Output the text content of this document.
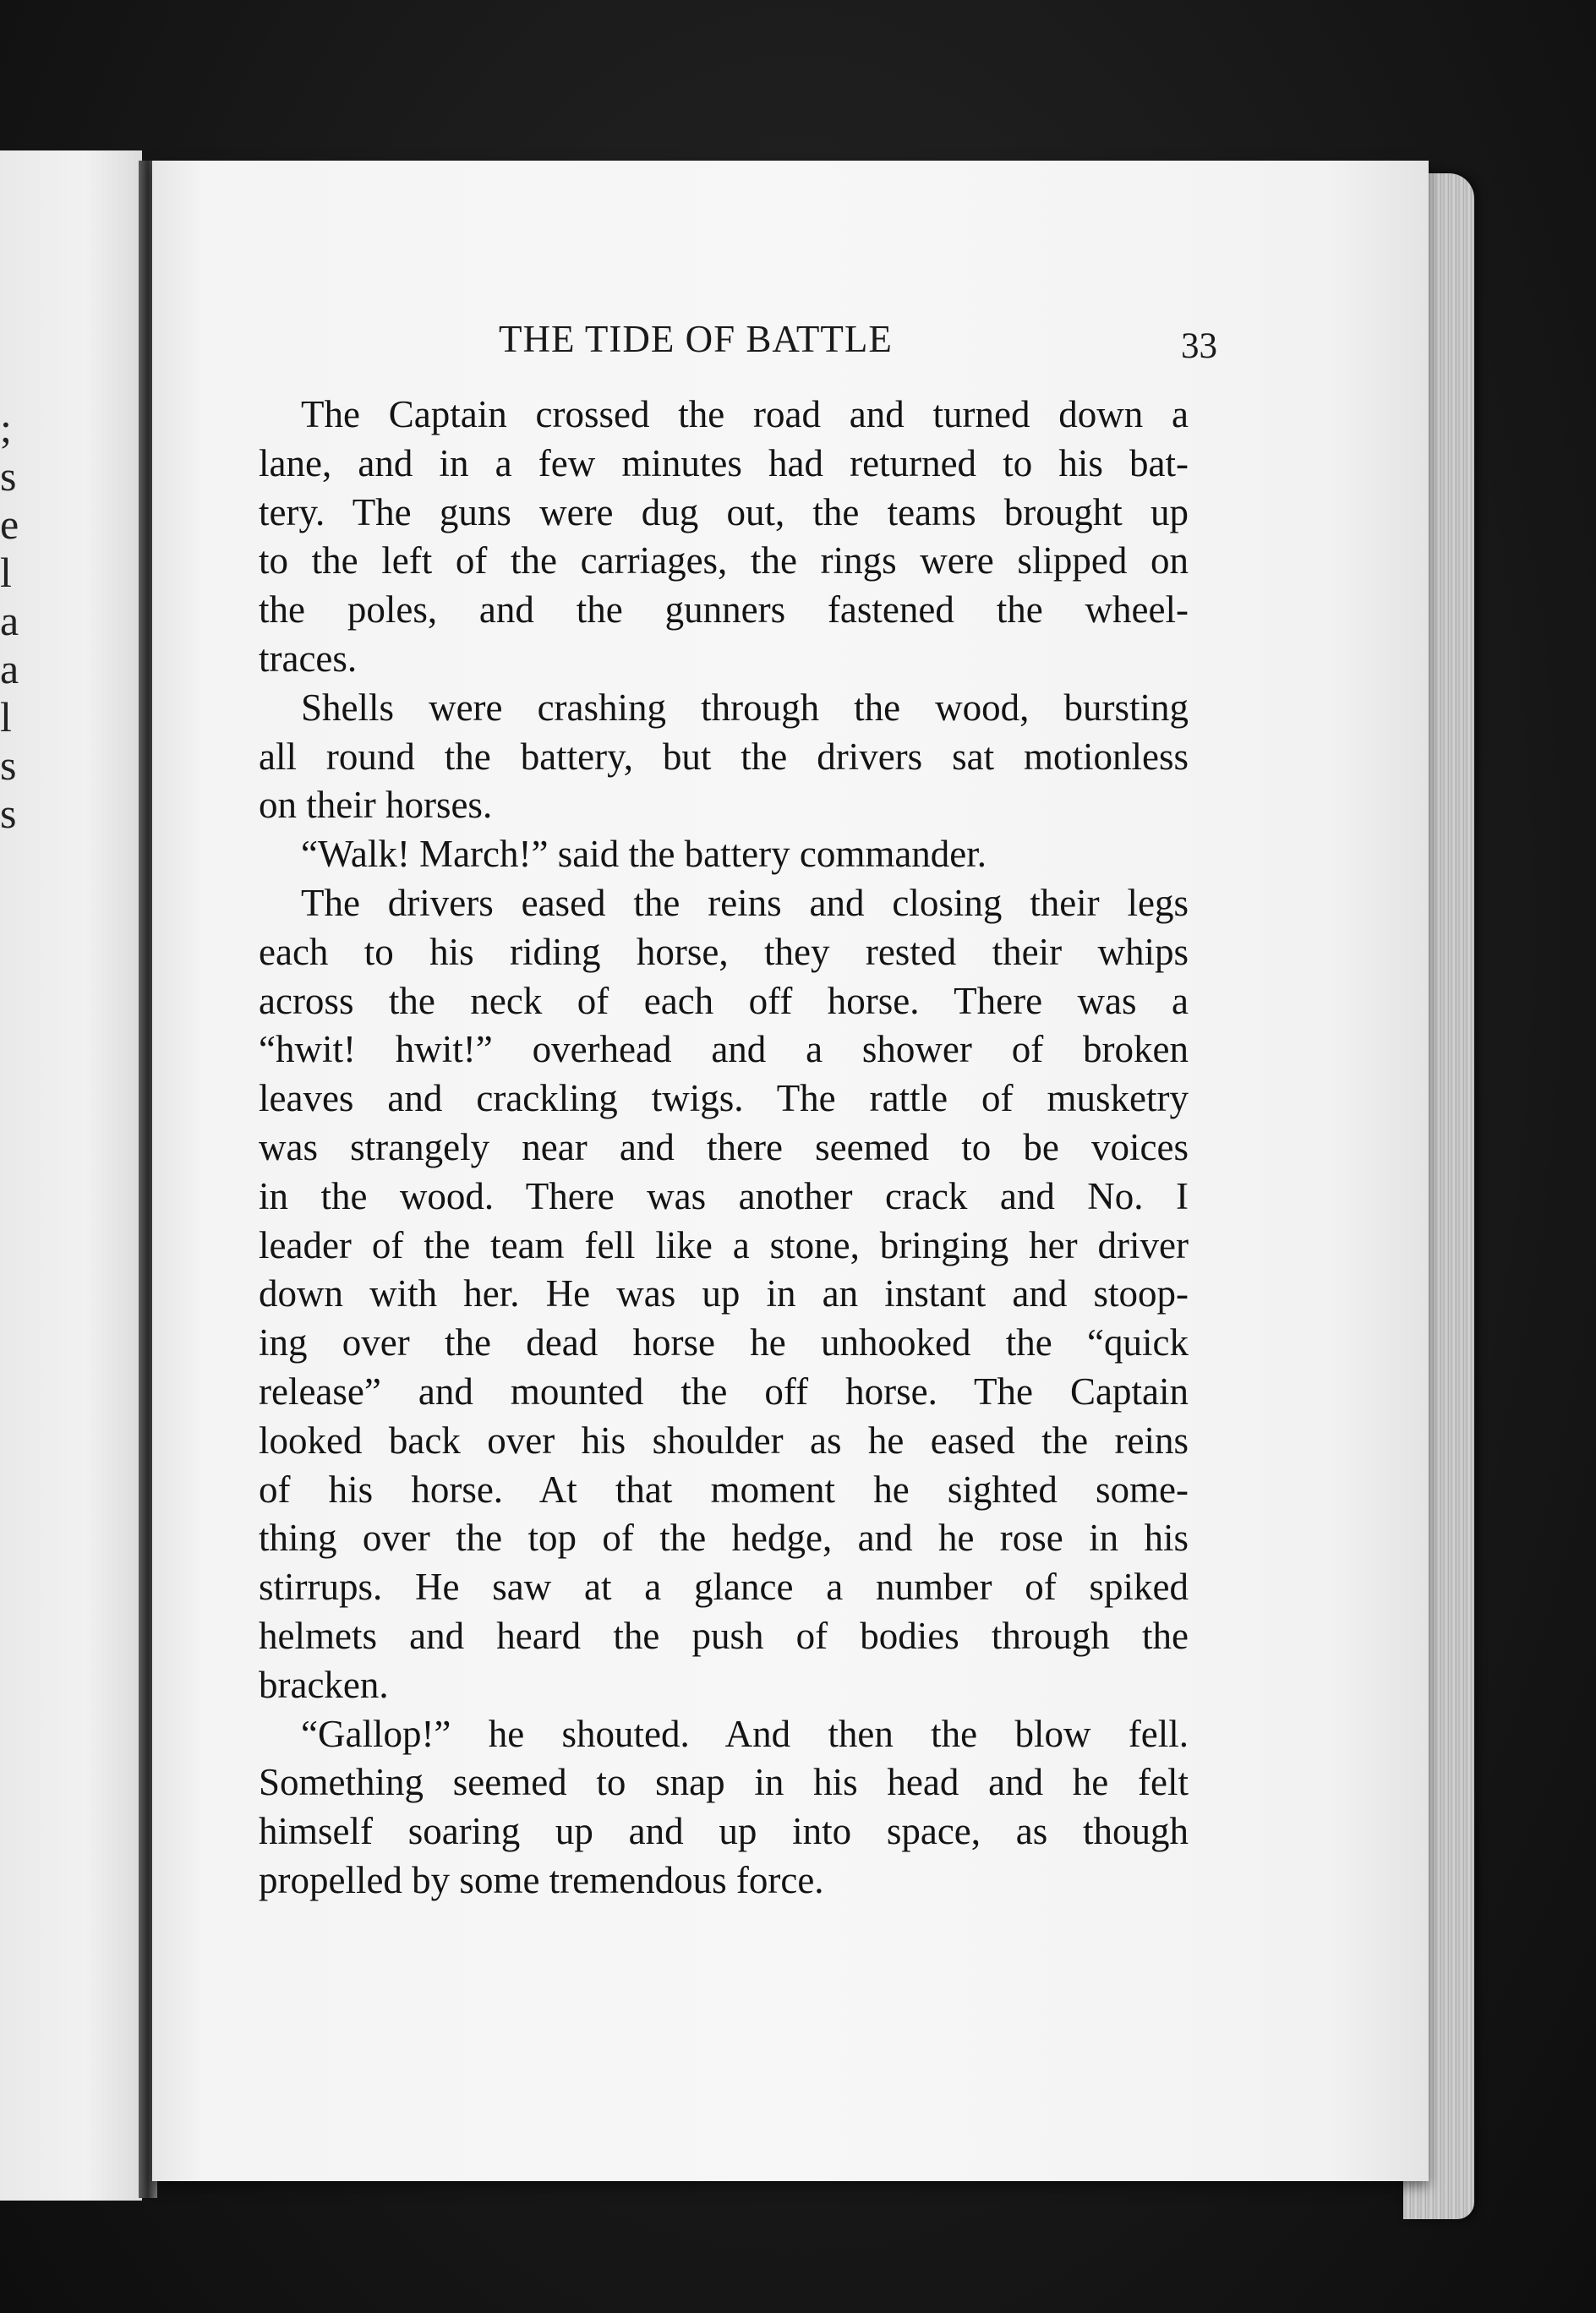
;
s
e
l
a
a
l
s
s
THE TIDE OF BATTLE	33

The Captain crossed the road and turned down a
lane, and in a few minutes had returned to his bat-
tery. The guns were dug out, the teams brought up
to the left of the carriages, the rings were slipped on
the poles, and the gunners fastened the wheel-
traces.

Shells were crashing through the wood, bursting
all round the battery, but the drivers sat motionless
on their horses.

“Walk! March!” said the battery commander.

The drivers eased the reins and closing their legs
each to his riding horse, they rested their whips
across the neck of each off horse. There was a
“hwit! hwit!” overhead and a shower of broken
leaves and crackling twigs. The rattle of musketry
was strangely near and there seemed to be voices
in the wood. There was another crack and No. I
leader of the team fell like a stone, bringing her driver
down with her. He was up in an instant and stoop-
ing over the dead horse he unhooked the “quick
release” and mounted the off horse. The Captain
looked back over his shoulder as he eased the reins
of his horse. At that moment he sighted some-
thing over the top of the hedge, and he rose in his
stirrups. He saw at a glance a number of spiked
helmets and heard the push of bodies through the
bracken.

“Gallop!” he shouted. And then the blow fell.
Something seemed to snap in his head and he felt
himself soaring up and up into space, as though
propelled by some tremendous force.
